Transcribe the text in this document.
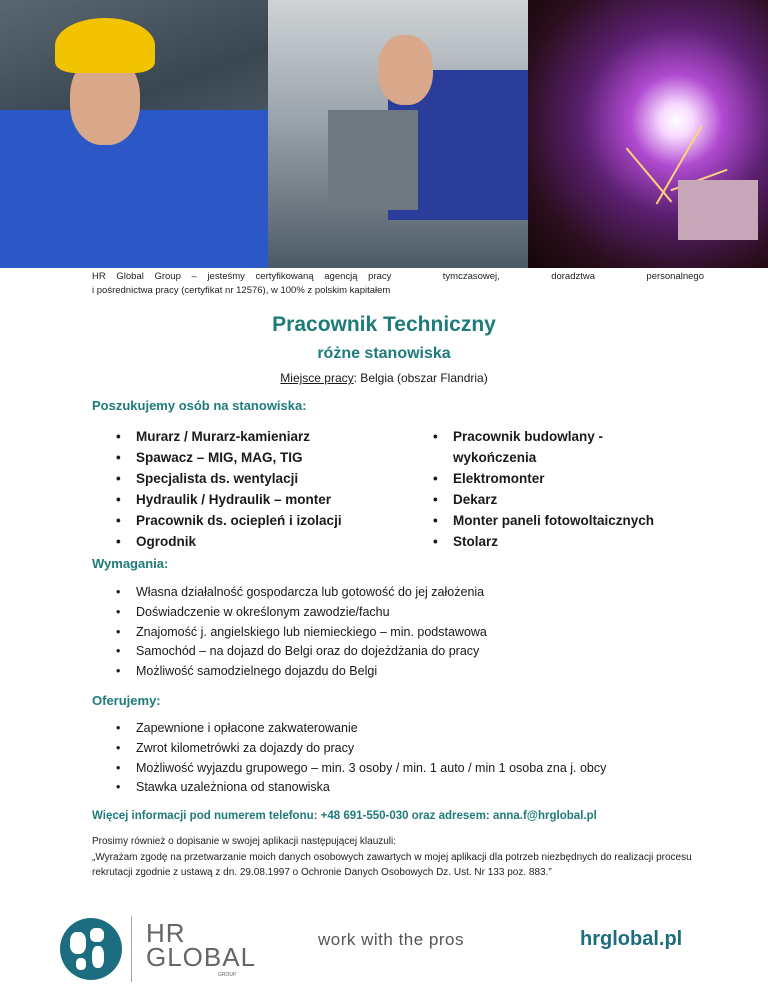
HR Global Group – jesteśmy certyfikowaną agencją pracy	tymczasowej,	doradztwa	personalnego
i pośrednictwa pracy (certyfikat nr 12576), w 100% z polskim kapitałem
Pracownik Techniczny
różne stanowiska
Miejsce pracy: Belgia (obszar Flandria)
Poszukujemy osób na stanowiska:
• Murarz / Murarz-kamieniarz
• Spawacz – MIG, MAG, TIG
• Specjalista ds. wentylacji
• Hydraulik / Hydraulik – monter
• Pracownik ds. ociepleń i izolacji
• Ogrodnik
• Pracownik budowlany -
wykończenia
• Elektromonter
• Dekarz
• Monter paneli fotowoltaicznych
• Stolarz
Wymagania:
• Własna działalność gospodarcza lub gotowość do jej założenia
• Doświadczenie w określonym zawodzie/fachu
• Znajomość j. angielskiego lub niemieckiego – min. podstawowa
• Samochód – na dojazd do Belgi oraz do dojeżdżania do pracy
• Możliwość samodzielnego dojazdu do Belgi
Oferujemy:
• Zapewnione i opłacone zakwaterowanie
• Zwrot kilometrówki za dojazdy do pracy
• Możliwość wyjazdu grupowego – min. 3 osoby / min. 1 auto / min 1 osoba zna j. obcy
• Stawka uzależniona od stanowiska
Więcej informacji pod numerem telefonu: +48 691-550-030 oraz adresem: anna.f@hrglobal.pl
Prosimy również o dopisanie w swojej aplikacji następującej klauzuli:
„Wyrażam zgodę na przetwarzanie moich danych osobowych zawartych w mojej aplikacji dla potrzeb niezbędnych do realizacji procesu rekrutacji zgodnie z ustawą z dn. 29.08.1997 o Ochronie Danych Osobowych Dz. Ust. Nr 133 poz. 883.”
HR
GLOBAL
GROUP
work with the pros	hrglobal.pl
